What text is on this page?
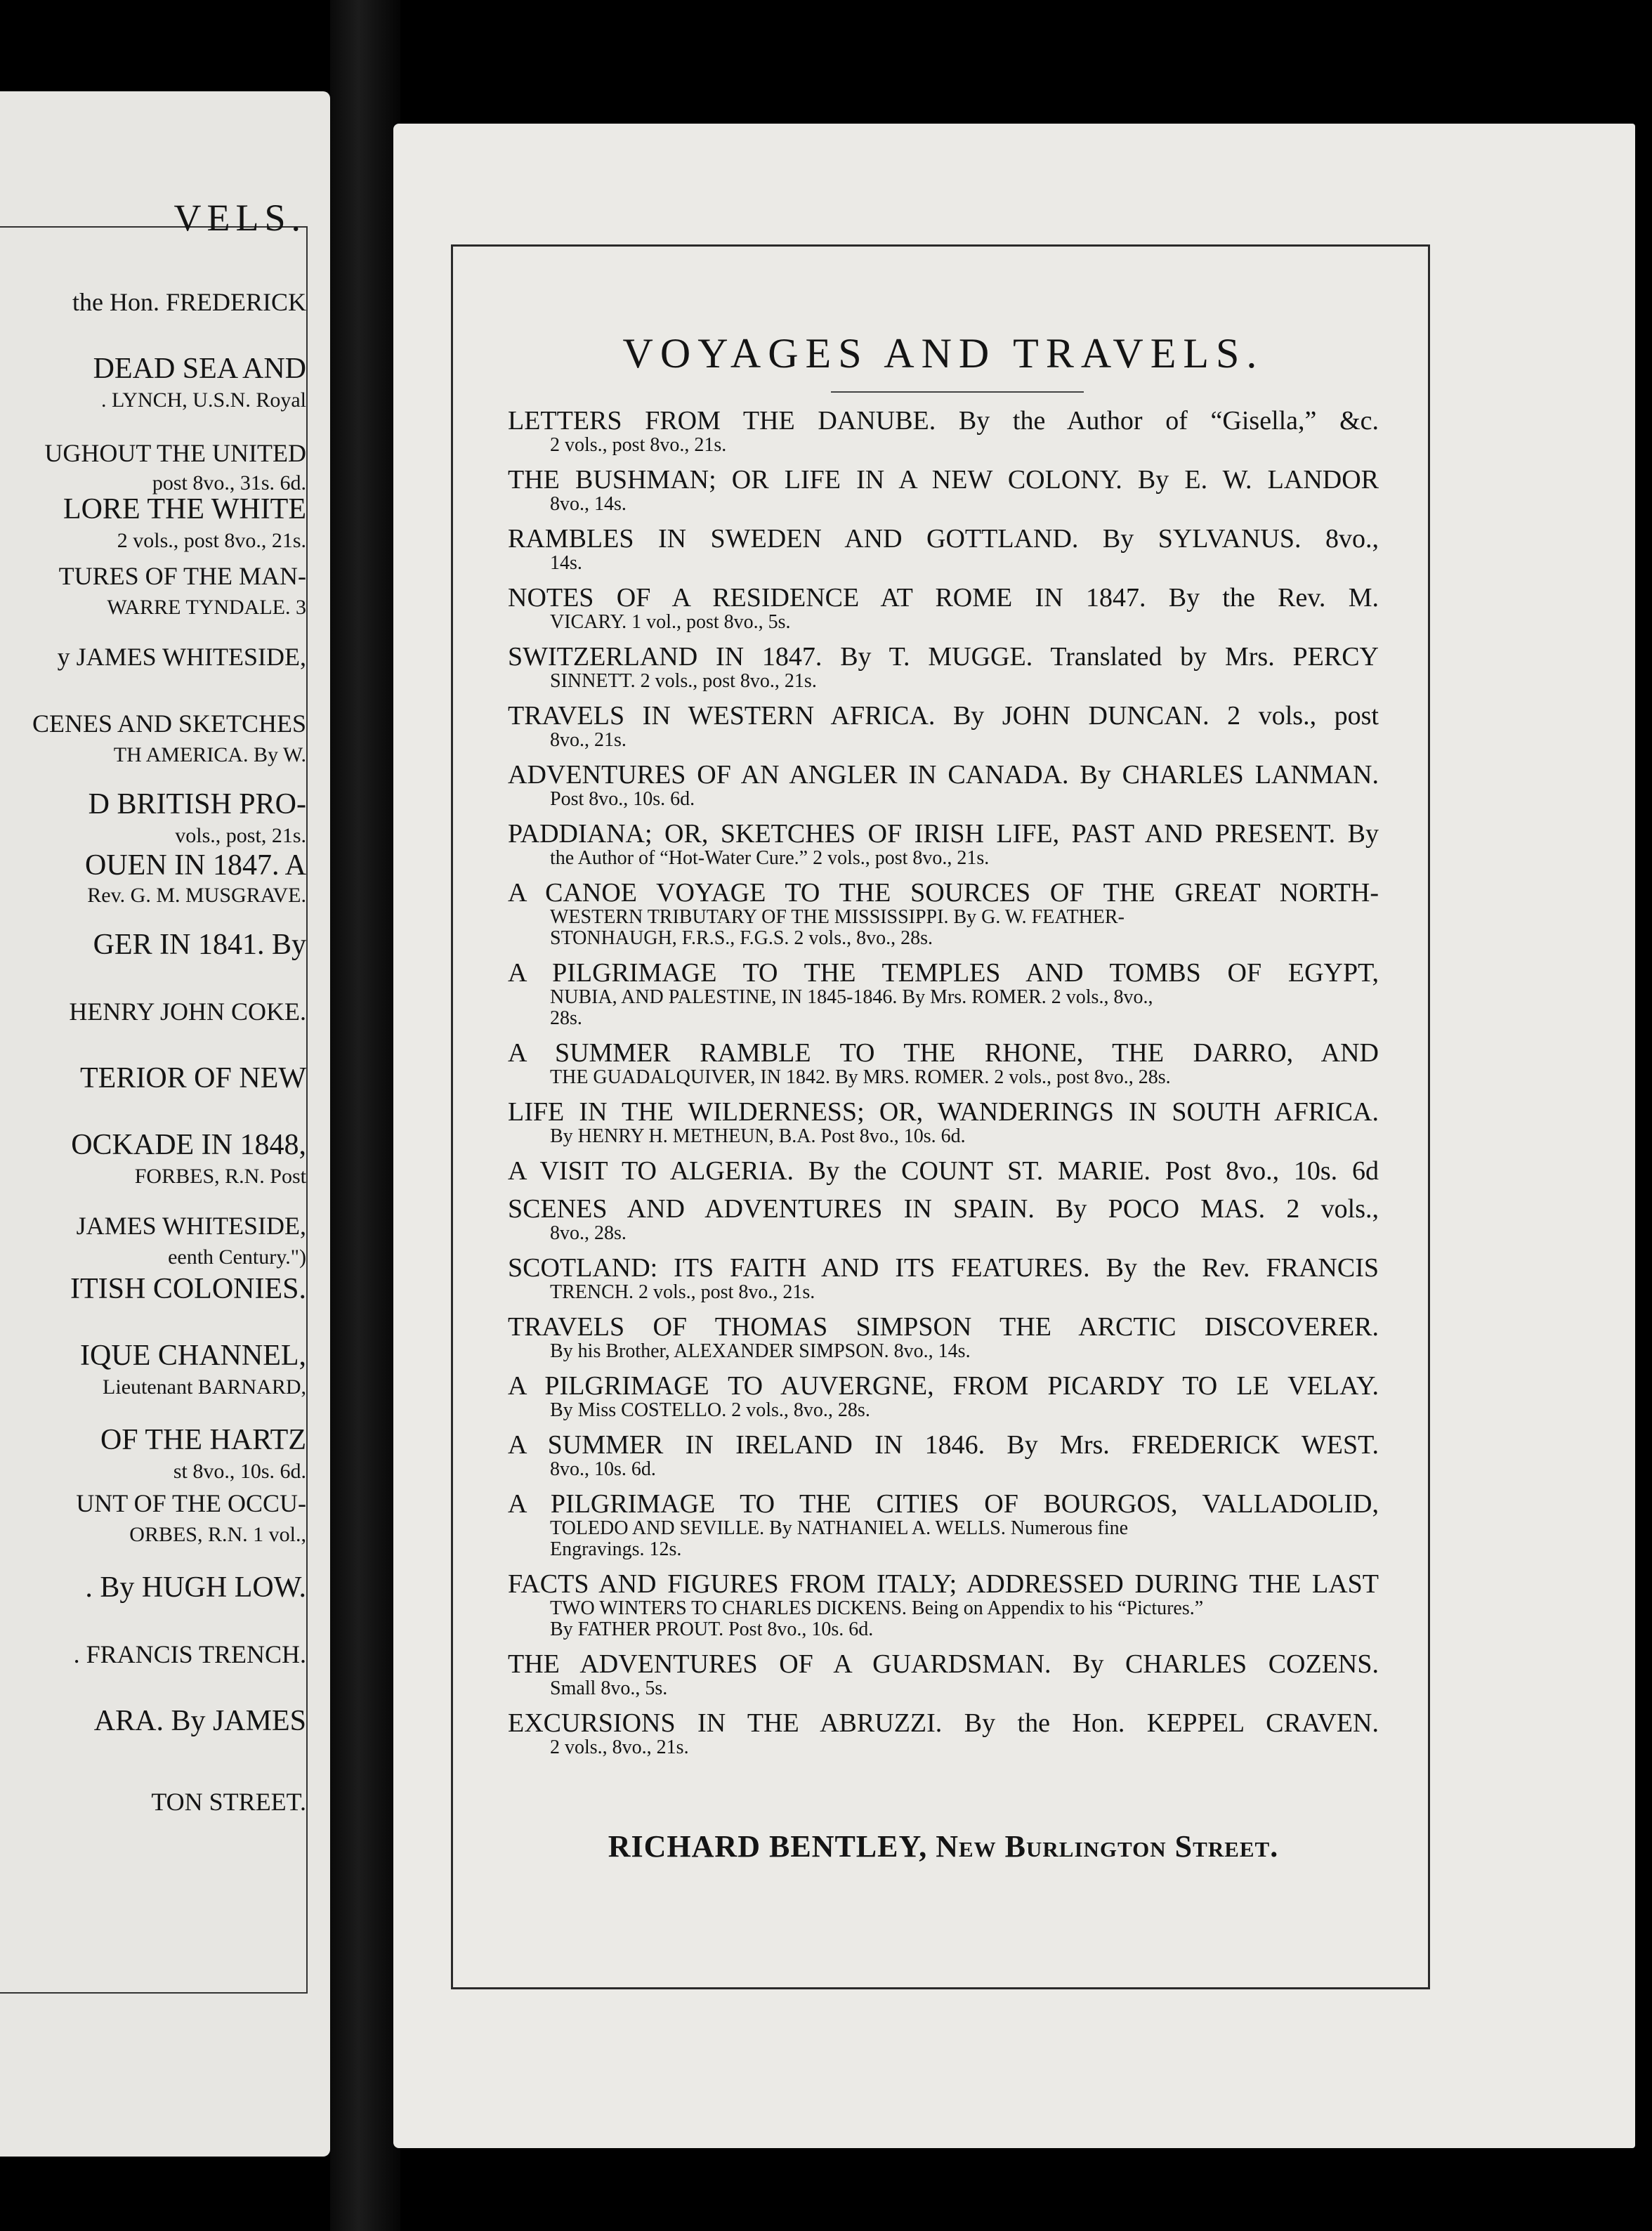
VELS.
the Hon. FREDERICK
DEAD SEA AND
. LYNCH, U.S.N. Royal
UGHOUT THE UNITED
post 8vo., 31s. 6d.
LORE THE WHITE
2 vols., post 8vo., 21s.
TURES OF THE MAN-
WARRE TYNDALE. 3
y JAMES WHITESIDE,
CENES AND SKETCHES
TH AMERICA. By W.
D BRITISH PRO-
vols., post, 21s.
OUEN IN 1847. A
Rev. G. M. MUSGRAVE.
GER IN 1841. By
HENRY JOHN COKE.
TERIOR OF NEW
OCKADE IN 1848,
FORBES, R.N. Post
JAMES WHITESIDE,
eenth Century.")
ITISH COLONIES.
IQUE CHANNEL,
Lieutenant BARNARD,
OF THE HARTZ
st 8vo., 10s. 6d.
UNT OF THE OCCU-
ORBES, R.N. 1 vol.,
. By HUGH LOW.
. FRANCIS TRENCH.
ARA. By JAMES
TON STREET.
VOYAGES AND TRAVELS.
LETTERS FROM THE DANUBE. By the Author of “Gisella,” &c.
2 vols., post 8vo., 21s.
THE BUSHMAN; OR LIFE IN A NEW COLONY. By E. W. LANDOR
8vo., 14s.
RAMBLES IN SWEDEN AND GOTTLAND. By SYLVANUS. 8vo.,
14s.
NOTES OF A RESIDENCE AT ROME IN 1847. By the Rev. M.
VICARY. 1 vol., post 8vo., 5s.
SWITZERLAND IN 1847. By T. MUGGE. Translated by Mrs. PERCY
SINNETT. 2 vols., post 8vo., 21s.
TRAVELS IN WESTERN AFRICA. By JOHN DUNCAN. 2 vols., post
8vo., 21s.
ADVENTURES OF AN ANGLER IN CANADA. By CHARLES LANMAN.
Post 8vo., 10s. 6d.
PADDIANA; OR, SKETCHES OF IRISH LIFE, PAST AND PRESENT. By
the Author of “Hot-Water Cure.” 2 vols., post 8vo., 21s.
A CANOE VOYAGE TO THE SOURCES OF THE GREAT NORTH-
WESTERN TRIBUTARY OF THE MISSISSIPPI. By G. W. FEATHER-
STONHAUGH, F.R.S., F.G.S. 2 vols., 8vo., 28s.
A PILGRIMAGE TO THE TEMPLES AND TOMBS OF EGYPT,
NUBIA, AND PALESTINE, IN 1845-1846. By Mrs. ROMER. 2 vols., 8vo.,
28s.
A SUMMER RAMBLE TO THE RHONE, THE DARRO, AND
THE GUADALQUIVER, IN 1842. By MRS. ROMER. 2 vols., post 8vo., 28s.
LIFE IN THE WILDERNESS; OR, WANDERINGS IN SOUTH AFRICA.
By HENRY H. METHEUN, B.A. Post 8vo., 10s. 6d.
A VISIT TO ALGERIA. By the COUNT ST. MARIE. Post 8vo., 10s. 6d
SCENES AND ADVENTURES IN SPAIN. By POCO MAS. 2 vols.,
8vo., 28s.
SCOTLAND: ITS FAITH AND ITS FEATURES. By the Rev. FRANCIS
TRENCH. 2 vols., post 8vo., 21s.
TRAVELS OF THOMAS SIMPSON THE ARCTIC DISCOVERER.
By his Brother, ALEXANDER SIMPSON. 8vo., 14s.
A PILGRIMAGE TO AUVERGNE, FROM PICARDY TO LE VELAY.
By Miss COSTELLO. 2 vols., 8vo., 28s.
A SUMMER IN IRELAND IN 1846. By Mrs. FREDERICK WEST.
8vo., 10s. 6d.
A PILGRIMAGE TO THE CITIES OF BOURGOS, VALLADOLID,
TOLEDO AND SEVILLE. By NATHANIEL A. WELLS. Numerous fine
Engravings. 12s.
FACTS AND FIGURES FROM ITALY; ADDRESSED DURING THE LAST
TWO WINTERS TO CHARLES DICKENS. Being on Appendix to his “Pictures.”
By FATHER PROUT. Post 8vo., 10s. 6d.
THE ADVENTURES OF A GUARDSMAN. By CHARLES COZENS.
Small 8vo., 5s.
EXCURSIONS IN THE ABRUZZI. By the Hon. KEPPEL CRAVEN.
2 vols., 8vo., 21s.
RICHARD BENTLEY, New Burlington Street.
